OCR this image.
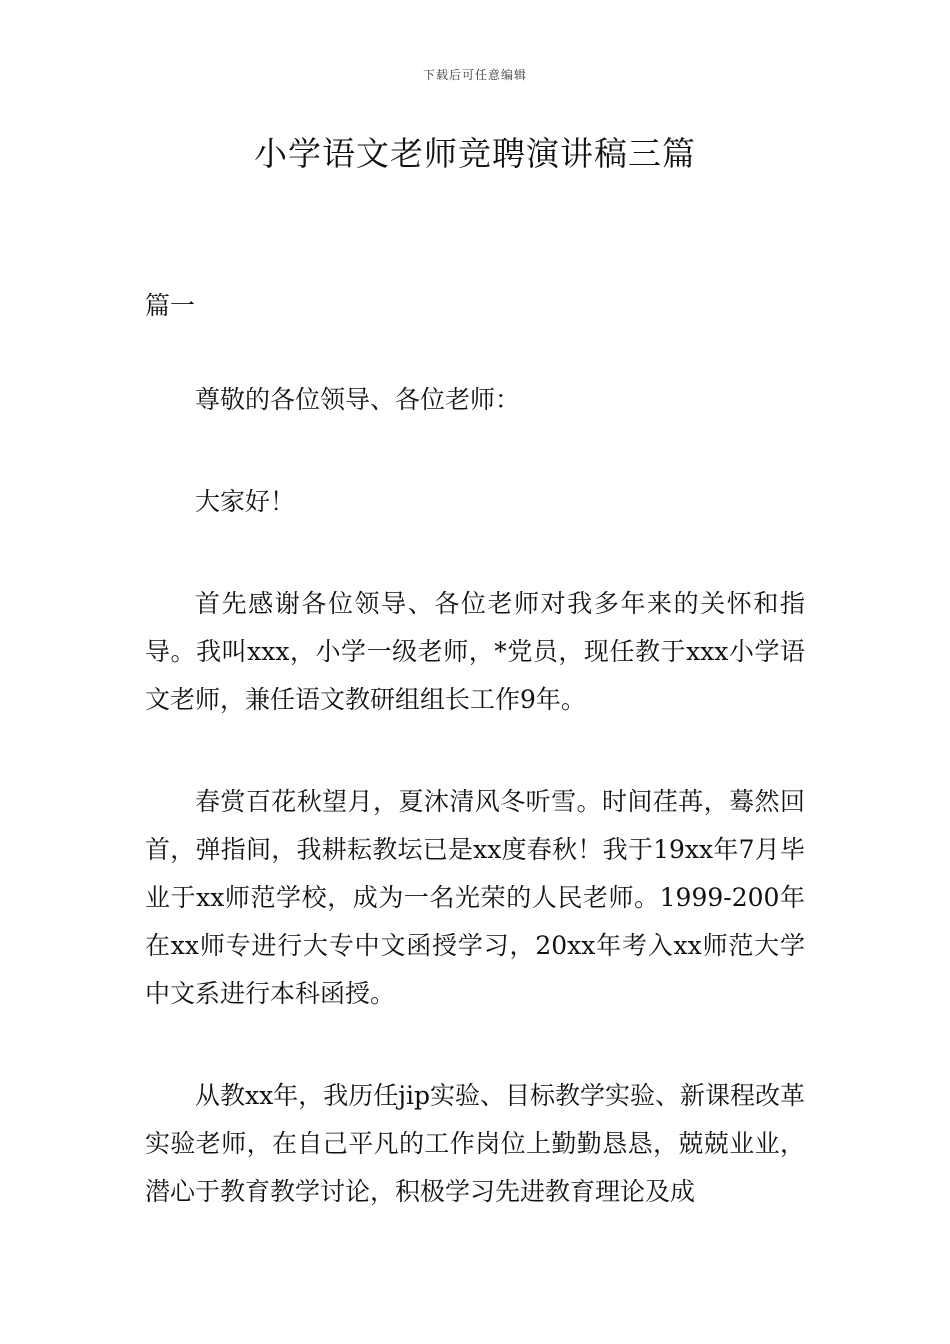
下载后可任意编辑
小学语文老师竞聘演讲稿三篇

篇一

尊敬的各位领导、各位老师：

大家好！

首先感谢各位领导、各位老师对我多年来的关怀和指导。我叫xxx，小学一级老师，*党员，现任教于xxx小学语文老师，兼任语文教研组组长工作9年。

春赏百花秋望月，夏沐清风冬听雪。时间荏苒，蓦然回首，弹指间，我耕耘教坛已是xx度春秋！我于19xx年7月毕业于xx师范学校，成为一名光荣的人民老师。1999-200年在xx师专进行大专中文函授学习，20xx年考入xx师范大学中文系进行本科函授。

从教xx年，我历任jip实验、目标教学实验、新课程改革实验老师，在自己平凡的工作岗位上勤勤恳恳，兢兢业业，潜心于教育教学讨论，积极学习先进教育理论及成
